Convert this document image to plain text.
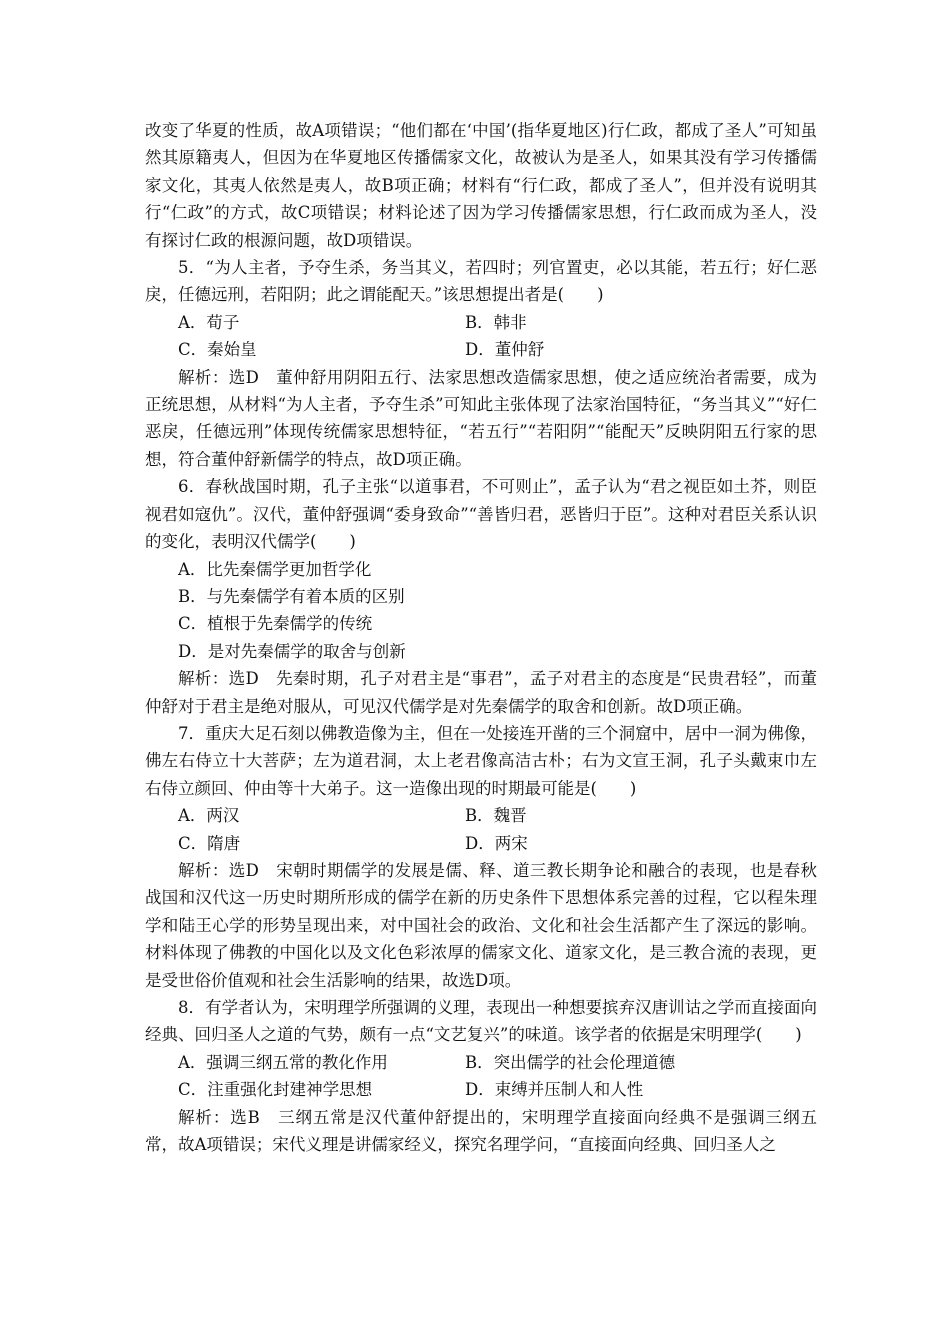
改变了华夏的性质，故A项错误；“他们都在‘中国’(指华夏地区)行仁政，都成了圣人”可知虽然其原籍夷人，但因为在华夏地区传播儒家文化，故被认为是圣人，如果其没有学习传播儒家文化，其夷人依然是夷人，故B项正确；材料有“行仁政，都成了圣人”，但并没有说明其行“仁政”的方式，故C项错误；材料论述了因为学习传播儒家思想，行仁政而成为圣人，没有探讨仁政的根源问题，故D项错误。

5．“为人主者，予夺生杀，务当其义，若四时；列官置吏，必以其能，若五行；好仁恶戾，任德远刑，若阳阴；此之谓能配天。”该思想提出者是(　　)

A．荀子	B．韩非
C．秦始皇	D．董仲舒

解析：选D　董仲舒用阴阳五行、法家思想改造儒家思想，使之适应统治者需要，成为正统思想，从材料“为人主者，予夺生杀”可知此主张体现了法家治国特征，“务当其义”“好仁恶戾，任德远刑”体现传统儒家思想特征，“若五行”“若阳阴”“能配天”反映阴阳五行家的思想，符合董仲舒新儒学的特点，故D项正确。

6．春秋战国时期，孔子主张“以道事君，不可则止”，孟子认为“君之视臣如土芥，则臣视君如寇仇”。汉代，董仲舒强调“委身致命”“善皆归君，恶皆归于臣”。这种对君臣关系认识的变化，表明汉代儒学(　　)

A．比先秦儒学更加哲学化

B．与先秦儒学有着本质的区别

C．植根于先秦儒学的传统

D．是对先秦儒学的取舍与创新

解析：选D　先秦时期，孔子对君主是“事君”，孟子对君主的态度是“民贵君轻”，而董仲舒对于君主是绝对服从，可见汉代儒学是对先秦儒学的取舍和创新。故D项正确。

7．重庆大足石刻以佛教造像为主，但在一处接连开凿的三个洞窟中，居中一洞为佛像，佛左右侍立十大菩萨；左为道君洞，太上老君像高洁古朴；右为文宣王洞，孔子头戴束巾左右侍立颜回、仲由等十大弟子。这一造像出现的时期最可能是(　　)

A．两汉	B．魏晋
C．隋唐	D．两宋

解析：选D　宋朝时期儒学的发展是儒、释、道三教长期争论和融合的表现，也是春秋战国和汉代这一历史时期所形成的儒学在新的历史条件下思想体系完善的过程，它以程朱理学和陆王心学的形势呈现出来，对中国社会的政治、文化和社会生活都产生了深远的影响。材料体现了佛教的中国化以及文化色彩浓厚的儒家文化、道家文化，是三教合流的表现，更是受世俗价值观和社会生活影响的结果，故选D项。

8．有学者认为，宋明理学所强调的义理，表现出一种想要摈弃汉唐训诂之学而直接面向经典、回归圣人之道的气势，颇有一点“文艺复兴”的味道。该学者的依据是宋明理学(　　)

A．强调三纲五常的教化作用	B．突出儒学的社会伦理道德
C．注重强化封建神学思想	D．束缚并压制人和人性

解析：选B　三纲五常是汉代董仲舒提出的，宋明理学直接面向经典不是强调三纲五常，故A项错误；宋代义理是讲儒家经义，探究名理学问，“直接面向经典、回归圣人之
